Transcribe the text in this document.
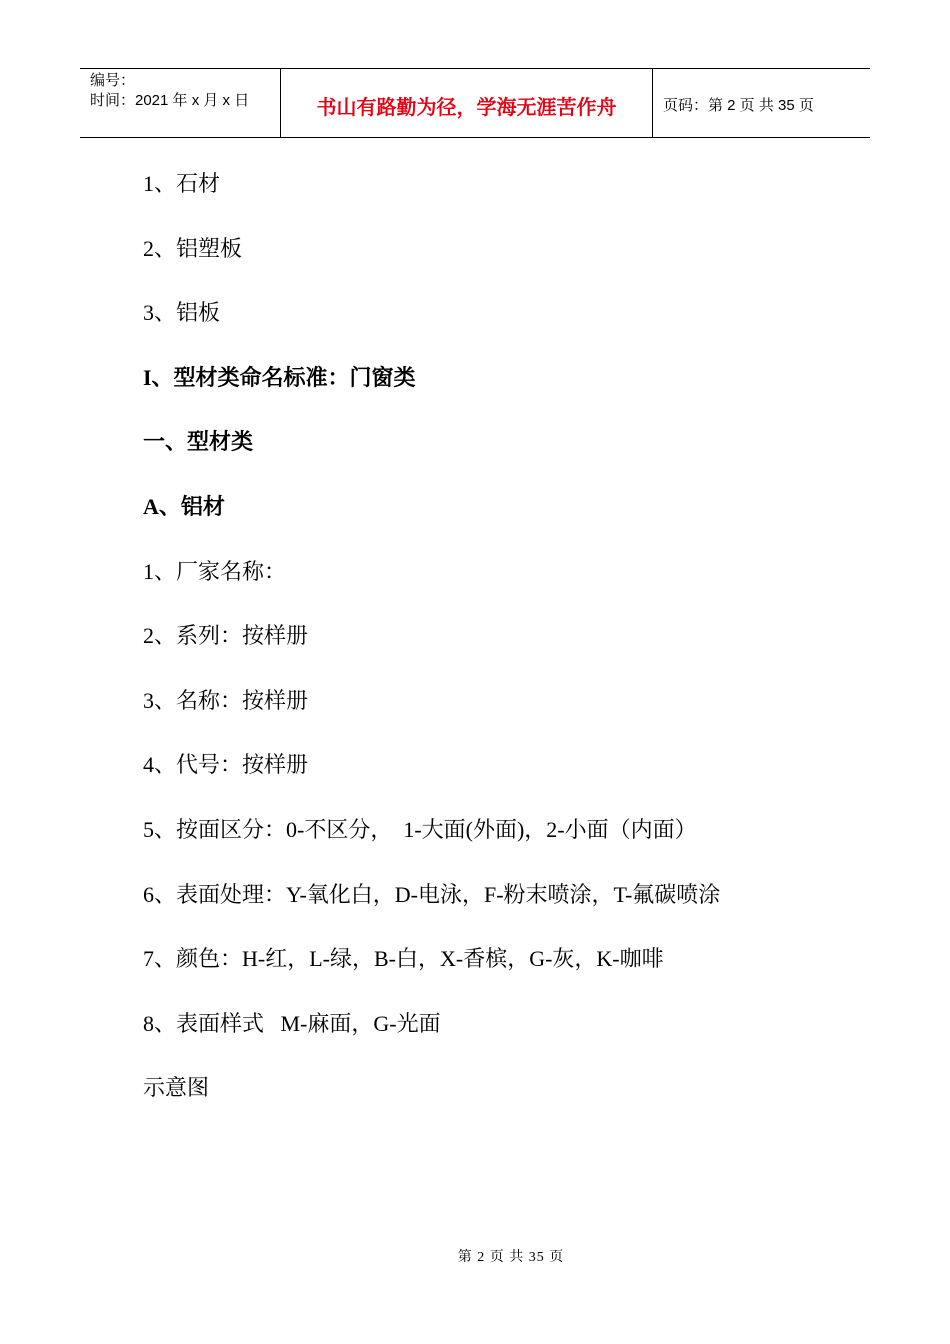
编号：
时间：2021 年 x 月 x 日	书山有路勤为径，学海无涯苦作舟	页码：第 2 页 共 35 页
1、石材
2、铝塑板
3、铝板
I、型材类命名标准：门窗类
一、型材类
A、铝材
1、厂家名称：
2、系列：按样册
3、名称：按样册
4、代号：按样册
5、按面区分：0-不区分，  1-大面(外面)，2-小面（内面）
6、表面处理：Y-氧化白，D-电泳，F-粉末喷涂，T-氟碳喷涂
7、颜色：H-红，L-绿，B-白，X-香槟，G-灰，K-咖啡
8、表面样式   M-麻面，G-光面
示意图
第 2 页 共 35 页
